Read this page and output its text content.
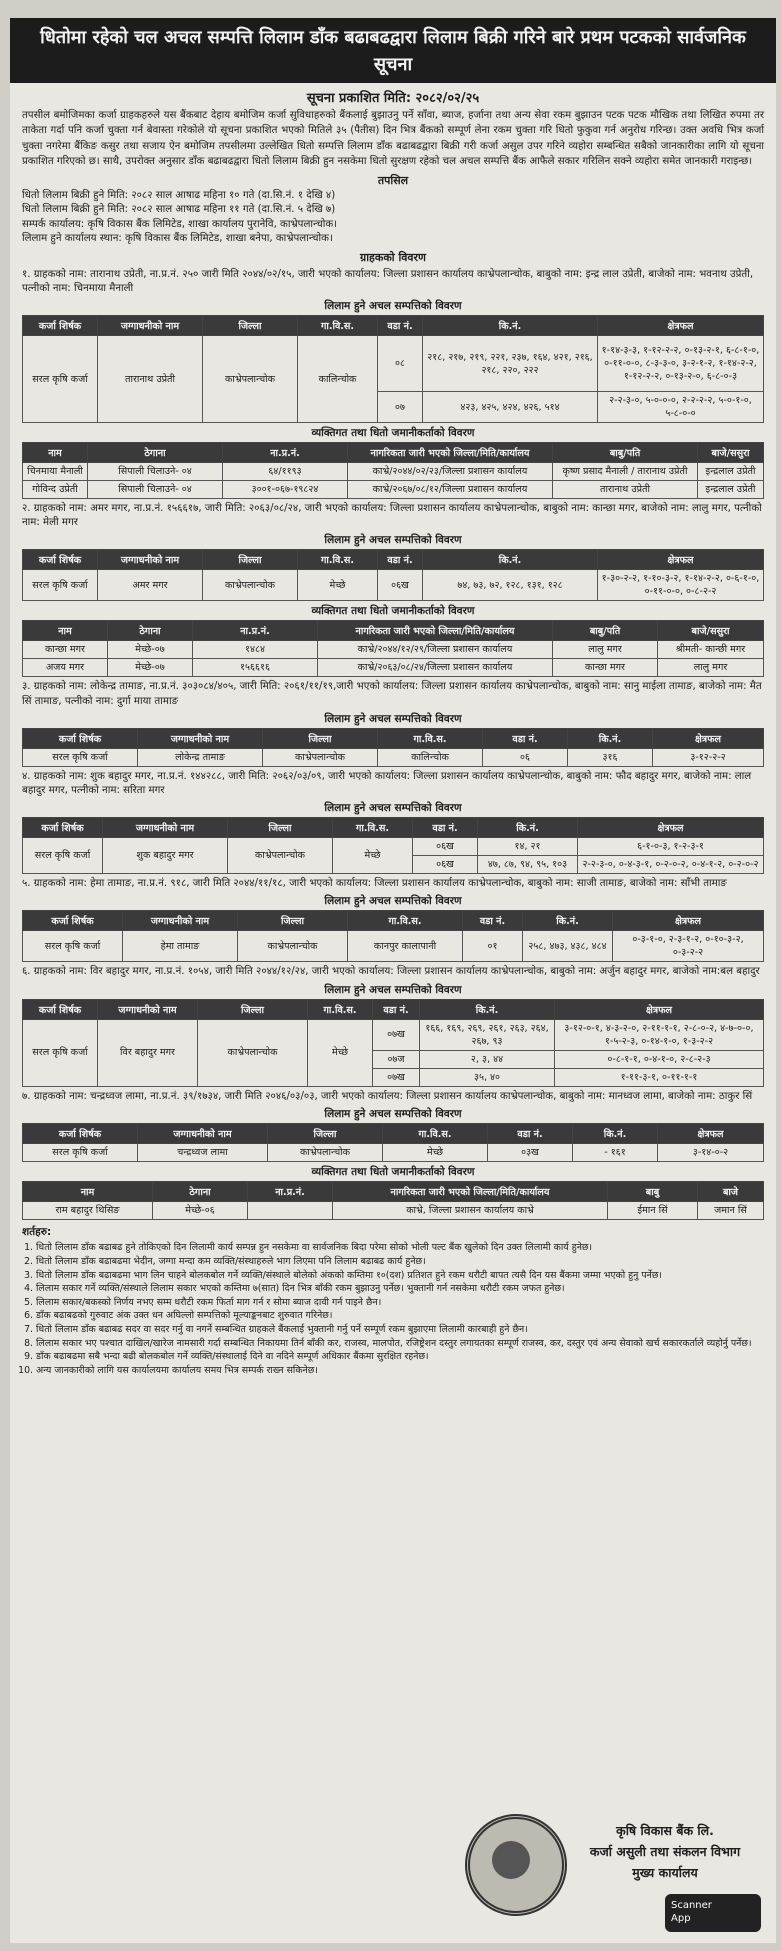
धितोमा रहेको चल अचल सम्पत्ति लिलाम डाँक बढाबढद्वारा लिलाम बिक्री गरिने बारे प्रथम पटकको सार्वजनिक सूचना
सूचना प्रकाशित मिति: २०८२/०२/२५
तपसील बमोजिमका कर्जा ग्राहकहरुले यस बैंकबाट देहाय बमोजिम कर्जा सुविधाहरुको बैंकलाई बुझाउनु पर्ने साँवा, ब्याज, हर्जाना तथा अन्य सेवा रकम बुझाउन पटक पटक मौखिक तथा लिखित रुपमा तर ताकेता गर्दा पनि कर्जा चुक्ता गर्न बेवास्ता गरेकोले यो सूचना प्रकाशित भएको मितिले ३५ (पैतीस) दिन भित्र बैंकको सम्पूर्ण लेना रकम चुक्ता गरि धितो फुकुवा गर्न अनुरोध गरिन्छ। उक्त अवधि भित्र कर्जा चुक्ता नगरेमा बैंकिङ कसुर तथा सजाय ऐन बमोजिम तपसीलमा उल्लेखित धितो सम्पत्ति लिलाम डाँक बढाबढद्वारा बिक्री गरी कर्जा असुल उपर गरिने व्यहोरा सम्बन्धित सबैको जानकारीका लागि यो सूचना प्रकाशित गरिएको छ। साथै, उपरोक्त अनुसार डाँक बढाबढद्वारा धितो लिलाम बिक्री हुन नसकेमा धितो सुरक्षण रहेको चल अचल सम्पत्ति बैंक आफैले सकार गरिलिन सक्ने व्यहोरा समेत जानकारी गराइन्छ।
तपसिल
धितो लिलाम बिक्री हुने मिति: २०८२ साल आषाढ महिना १० गते (दा.सि.नं. १ देखि ४)
धितो लिलाम बिक्री हुने मिति: २०८२ साल आषाढ महिना ११ गते (दा.सि.नं. ५ देखि ७)
सम्पर्क कार्यालय: कृषि विकास बैंक लिमिटेड, शाखा कार्यालय पुरानेवि, काभ्रेपलान्चोक।
लिलाम हुने कार्यालय स्थान: कृषि विकास बैंक लिमिटेड, शाखा बनेपा, काभ्रेपलान्चोक।
ग्राहकको विवरण
१. ग्राहकको नाम: तारानाथ उप्रेती, ना.प्र.नं. २५० जारी मिति २०४४/०२/१५, जारी भएको कार्यालय: जिल्ला प्रशासन कार्यालय काभ्रेपलान्चोक, बाबुको नाम: इन्द्र लाल उप्रेती, बाजेको नाम: भवनाथ उप्रेती, पत्नीको नाम: चिनमाया मैनाली
लिलाम हुने अचल सम्पत्तिको विवरण
कर्जा शिर्षक	जग्गाधनीको नाम	जिल्ला	गा.वि.स.	वडा नं.	कि.नं.	क्षेत्रफल
सरल कृषि कर्जा	तारानाथ उप्रेती	काभ्रेपलान्चोक	कालिन्चोक	०८	२१८, २१७, २१९, २२१, २३७, १६४, ४२१, २१६, २१८, २२०, २२२	१-१४-३-३, १-१२-२-२, ०-१३-२-१, ६-८-१-०, ०-११-०-०, ८-३-३-०, ३-२-१-२, १-१४-२-२, १-१२-२-२, ०-१३-२-०, ६-८-०-३
				०७	४२३, ४२५, ४२४, ४२६, ५१४	२-२-३-०, ५-०-०-०, २-२-२-२, ५-०-१-०, ५-८-०-०
व्यक्तिगत तथा धितो जमानीकर्ताको विवरण
नाम	ठेगाना	ना.प्र.नं.	नागरिकता जारी भएको जिल्ला/मिति/कार्यालय	बाबु/पति	बाजे/ससुरा
चिनमाया मैनाली	सिपाली चिलाउने- ०४	६४/११९३	काभ्रे/२०४४/०२/२३/जिल्ला प्रशासन कार्यालय	कृष्ण प्रसाद मैनाली / तारानाथ उप्रेती	इन्द्रलाल उप्रेती
गोविन्द उप्रेती	सिपाली चिलाउने- ०४	३००१-०६७-१९८२४	काभ्रे/२०६७/०८/१२/जिल्ला प्रशासन कार्यालय	तारानाथ उप्रेती	इन्द्रलाल उप्रेती
२. ग्राहकको नाम: अमर मगर, ना.प्र.नं. १५६६१७, जारी मिति: २०६३/०८/२४, जारी भएको कार्यालय: जिल्ला प्रशासन कार्यालय काभ्रेपलान्चोक, बाबुको नाम: कान्छा मगर, बाजेको नाम: लालु मगर, पत्नीको नाम: मेली मगर
लिलाम हुने अचल सम्पत्तिको विवरण
कर्जा शिर्षक	जग्गाधनीको नाम	जिल्ला	गा.वि.स.	वडा नं.	कि.नं.	क्षेत्रफल
सरल कृषि कर्जा	अमर मगर	काभ्रेपलान्चोक	मेच्छे	०६ख	७४, ७३, ७२, १२८, १३१, १२८	१-३०-२-२, १-१०-३-२, १-१४-२-२, ०-६-१-०, ०-११-०-०, ०-८-२-२
व्यक्तिगत तथा धितो जमानीकर्ताको विवरण
नाम	ठेगाना	ना.प्र.नं.	नागरिकता जारी भएको जिल्ला/मिति/कार्यालय	बाबु/पति	बाजे/ससुरा
कान्छा मगर	मेच्छे-०७	१४८४	काभ्रे/२०४४/१२/२९/जिल्ला प्रशासन कार्यालय	लालु मगर	श्रीमती- कान्छी मगर
अजय मगर	मेच्छे-०७	१५६६१६	काभ्रे/२०६३/०८/२४/जिल्ला प्रशासन कार्यालय	कान्छा मगर	लालु मगर
३. ग्राहकको नाम: लोकेन्द्र तामाङ, ना.प्र.नं. ३०३०८४/४०५, जारी मिति: २०६१/११/१९,जारी भएको कार्यालय: जिल्ला प्रशासन कार्यालय काभ्रेपलान्चोक, बाबुको नाम: सानु माईला तामाङ, बाजेको नाम: मैत सिं तामाङ, पत्नीको नाम: दुर्गा माया तामाङ
लिलाम हुने अचल सम्पत्तिको विवरण
कर्जा शिर्षक	जग्गाधनीको नाम	जिल्ला	गा.वि.स.	वडा नं.	कि.नं.	क्षेत्रफल
सरल कृषि कर्जा	लोकेन्द्र तामाङ	काभ्रेपलान्चोक	कालिन्चोक	०६	३१६	३-१२-२-२
४. ग्राहकको नाम: शुक बहादुर मगर, ना.प्र.नं. १४४२८८, जारी मिति: २०६२/०३/०९, जारी भएको कार्यालय: जिल्ला प्रशासन कार्यालय काभ्रेपलान्चोक, बाबुको नाम: फौद बहादुर मगर, बाजेको नाम: लाल बहादुर मगर, पत्नीको नाम: सरिता मगर
लिलाम हुने अचल सम्पत्तिको विवरण
कर्जा शिर्षक	जग्गाधनीको नाम	जिल्ला	गा.वि.स.	वडा नं.	कि.नं.	क्षेत्रफल
सरल कृषि कर्जा	शुक बहादुर मगर	काभ्रेपलान्चोक	मेच्छे	०६ख	१४, २१	६-१-०-३, १-२-३-१
				०६ख	४७, ८७, ९४, ९५, १०३	२-२-३-०, ०-४-३-१, ०-२-०-२, ०-४-१-२, ०-२-०-२
५. ग्राहकको नाम: हेमा तामाङ, ना.प्र.नं. ९१८, जारी मिति २०४४/११/१८, जारी भएको कार्यालय: जिल्ला प्रशासन कार्यालय काभ्रेपलान्चोक, बाबुको नाम: साजी तामाङ, बाजेको नाम: साँभी तामाङ
लिलाम हुने अचल सम्पत्तिको विवरण
कर्जा शिर्षक	जग्गाधनीको नाम	जिल्ला	गा.वि.स.	वडा नं.	कि.नं.	क्षेत्रफल
सरल कृषि कर्जा	हेमा तामाङ	काभ्रेपलान्चोक	कानपुर कालापानी	०१	२५८, ४७३, ४३८, ४८४	०-३-१-०, २-३-१-२, ०-१०-३-२, ०-३-२-२
६. ग्राहकको नाम: विर बहादुर मगर, ना.प्र.नं. १०५४, जारी मिति २०४४/१२/२४, जारी भएको कार्यालय: जिल्ला प्रशासन कार्यालय काभ्रेपलान्चोक, बाबुको नाम: अर्जुन बहादुर मगर, बाजेको नाम:बल बहादुर
लिलाम हुने अचल सम्पत्तिको विवरण
कर्जा शिर्षक	जग्गाधनीको नाम	जिल्ला	गा.वि.स.	वडा नं.	कि.नं.	क्षेत्रफल
सरल कृषि कर्जा	विर बहादुर मगर	काभ्रेपलान्चोक	मेच्छे	०७ख	१६६, १६९, २६९, २६१, २६३, २६४, २६७, ९३	३-१२-०-१, ४-३-२-०, २-११-१-१, २-८-०-२, ४-७-०-०, १-५-२-३, ०-१४-१-०, १-३-२-२
				०७ज	२, ३, ४४	०-८-१-१, ०-४-१-०, २-८-२-३
				०७ख	३५, ४०	१-११-३-१, ०-११-१-१
७. ग्राहकको नाम: चन्द्रध्वज लामा, ना.प्र.नं. ३९/१७३४, जारी मिति २०४६/०३/०३, जारी भएको कार्यालय: जिल्ला प्रशासन कार्यालय काभ्रेपलान्चोक, बाबुको नाम: मानध्वज लामा, बाजेको नाम: ठाकुर सिं
लिलाम हुने अचल सम्पत्तिको विवरण
कर्जा शिर्षक	जग्गाधनीको नाम	जिल्ला	गा.वि.स.	वडा नं.	कि.नं.	क्षेत्रफल
सरल कृषि कर्जा	चन्द्रध्वज लामा	काभ्रेपलान्चोक	मेच्छे	०३ख	- १६१	३-१४-०-२
व्यक्तिगत तथा धितो जमानीकर्ताको विवरण
नाम	ठेगाना	ना.प्र.नं.	नागरिकता जारी भएको जिल्ला/मिति/कार्यालय	बाबु	बाजे
राम बहादुर थिसिङ	मेच्छे-०६		काभ्रे, जिल्ला प्रशासन कार्यालय काभ्रे	ईमान सिं	जमान सिं
शर्तहरु:
1. धितो लिलाम डाँक बढाबढ हुने तोकिएको दिन लिलामी कार्य सम्पन्न हुन नसकेमा वा सार्वजनिक बिदा परेमा सोको भोली पल्ट बैंक खुलेको दिन उक्त लिलामी कार्य हुनेछ।
2. धितो लिलाम डाँक बढाबढमा भेदीन, जग्गा मन्दा कम व्यक्ति/संस्थाहरुले भाग लिएमा पनि लिलाम बढाबढ कार्य हुनेछ।
3. धितो लिलाम डाँक बढाबढमा भाग लिन चाहने बोलकबोल गर्ने व्यक्ति/संस्थाले बोलेको अंकको कम्तिमा १०(दश) प्रतिशत हुने रकम धरौटी बापत त्यसै दिन यस बैंकमा जम्मा भएको हुनु पर्नेछ।
4. लिलाम सकार गर्ने व्यक्ति/संस्थाले लिलाम सकार भएको कम्तिमा ७(सात) दिन भित्र बाँकी रकम बुझाउनु पर्नेछ। भुक्तानी गर्न नसकेमा धरौटी रकम जफत हुनेछ।
5. लिलाम सकार/बकस्को निर्णय नभए सम्म धरौटी रकम फिर्ता माग गर्न र सोमा ब्याज दावी गर्न पाइने छैन।
6. डाँक बढाबढको गुरुवाट अंक उक्त धन अघिल्लो सम्पत्तिको मूल्याङ्कनबाट शुरुवात गरिनेछ।
7. धितो लिलाम डाँक बढाबढ सदर वा सदर गर्नु वा नगर्ने सम्बन्धित ग्राहकले बैंकलाई भुक्तानी गर्नु पर्ने सम्पूर्ण रकम बुझाएमा लिलामी कारबाही हुने छैन।
8. लिलाम सकार भए पश्चात दाखिल/खारेज नामसारी गर्दा सम्बन्धित निकायमा तिर्न बाँकी कर, राजस्व, मालपोत, रजिष्ट्रेशन दस्तुर लगायतका सम्पूर्ण राजस्व, कर, दस्तुर एवं अन्य सेवाको खर्च सकारकर्ताले व्यहोर्नु पर्नेछ।
9. डाँक बढाबढमा सबै भन्दा बढी बोलकबोल गर्ने व्यक्ति/संस्थालाई दिने वा नदिने सम्पूर्ण अधिकार बैंकमा सुरक्षित रहनेछ।
10. अन्य जानकारीको लागि यस कार्यालयमा कार्यालय समय भित्र सम्पर्क राख्न सकिनेछ।
कृषि विकास बैंक लि.
कर्जा असुली तथा संकलन विभाग
मुख्य कार्यालय
Scanner
App
